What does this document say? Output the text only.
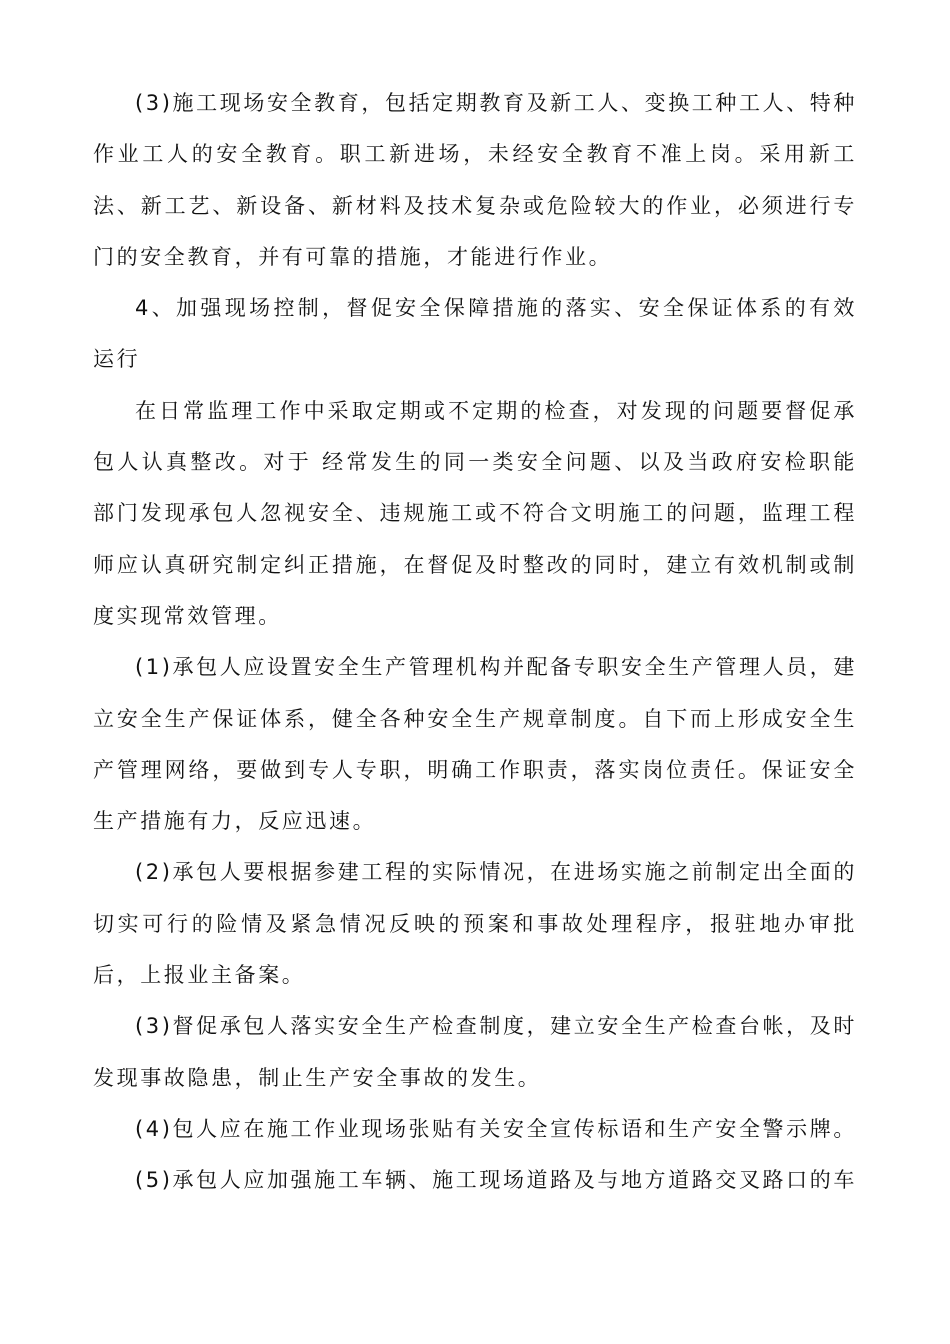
(3)施工现场安全教育，包括定期教育及新工人、变换工种工人、特种作业工人的安全教育。职工新进场，未经安全教育不准上岗。采用新工法、新工艺、新设备、新材料及技术复杂或危险较大的作业，必须进行专门的安全教育，并有可靠的措施，才能进行作业。

4、加强现场控制，督促安全保障措施的落实、安全保证体系的有效运行

在日常监理工作中采取定期或不定期的检查，对发现的问题要督促承包人认真整改。对于 经常发生的同一类安全问题、以及当政府安检职能部门发现承包人忽视安全、违规施工或不符合文明施工的问题，监理工程师应认真研究制定纠正措施，在督促及时整改的同时，建立有效机制或制度实现常效管理。

(1)承包人应设置安全生产管理机构并配备专职安全生产管理人员，建立安全生产保证体系，健全各种安全生产规章制度。自下而上形成安全生产管理网络，要做到专人专职，明确工作职责，落实岗位责任。保证安全生产措施有力，反应迅速。

(2)承包人要根据参建工程的实际情况，在进场实施之前制定出全面的切实可行的险情及紧急情况反映的预案和事故处理程序，报驻地办审批后，上报业主备案。

(3)督促承包人落实安全生产检查制度，建立安全生产检查台帐，及时发现事故隐患，制止生产安全事故的发生。

(4)包人应在施工作业现场张贴有关安全宣传标语和生产安全警示牌。

(5)承包人应加强施工车辆、施工现场道路及与地方道路交叉路口的车
